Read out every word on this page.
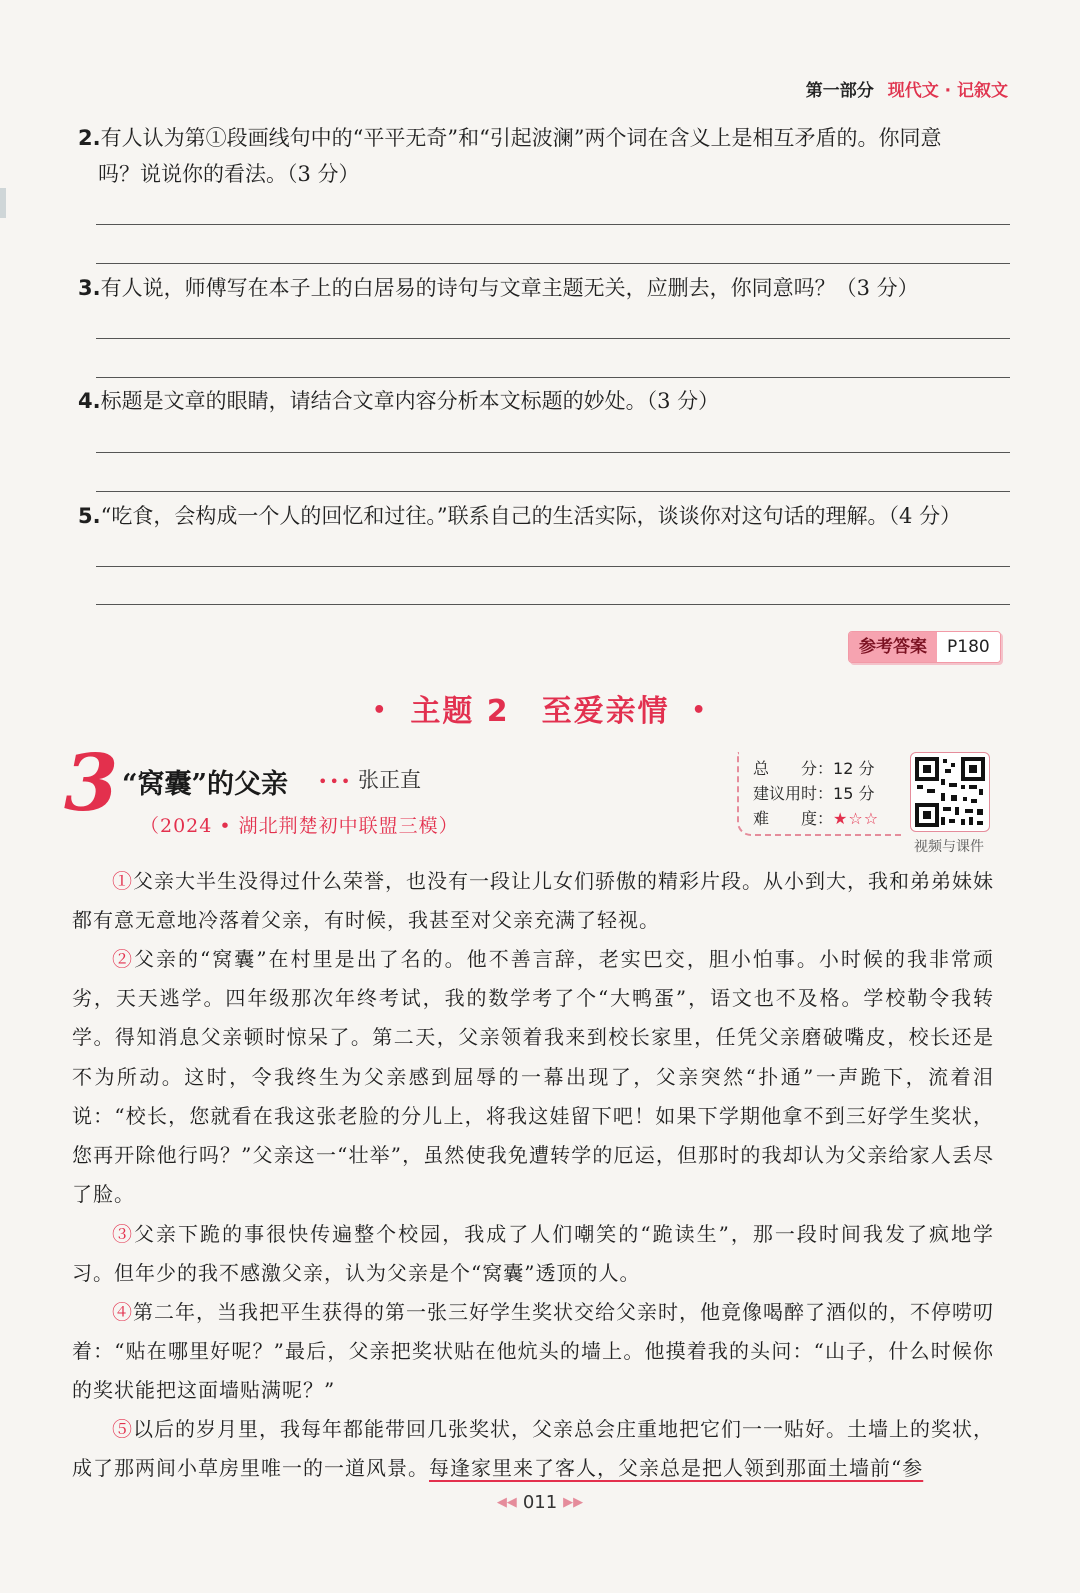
第一部分 现代文 · 记叙文
2.有人认为第①段画线句中的“平平无奇”和“引起波澜”两个词在含义上是相互矛盾的。你同意
吗？说说你的看法。（3 分）
3.有人说，师傅写在本子上的白居易的诗句与文章主题无关，应删去，你同意吗？（3 分）
4.标题是文章的眼睛，请结合文章内容分析本文标题的妙处。（3 分）
5.“吃食，会构成一个人的回忆和过往。”联系自己的生活实际，谈谈你对这句话的理解。（4 分）
参考答案	P180
• 主题 2　至爱亲情 •
3 “窝囊”的父亲 ••• 张正直
（2024 • 湖北荆楚初中联盟三模）
总　　分：12 分
建议用时：15 分
难　　度：★☆☆
视频与课件

①父亲大半生没得过什么荣誉，也没有一段让儿女们骄傲的精彩片段。从小到大，我和弟弟妹妹都有意无意地冷落着父亲，有时候，我甚至对父亲充满了轻视。

②父亲的“窝囊”在村里是出了名的。他不善言辞，老实巴交，胆小怕事。小时候的我非常顽劣，天天逃学。四年级那次年终考试，我的数学考了个“大鸭蛋”，语文也不及格。学校勒令我转学。得知消息父亲顿时惊呆了。第二天，父亲领着我来到校长家里，任凭父亲磨破嘴皮，校长还是不为所动。这时，令我终生为父亲感到屈辱的一幕出现了，父亲突然“扑通”一声跪下，流着泪说：“校长，您就看在我这张老脸的分儿上，将我这娃留下吧！如果下学期他拿不到三好学生奖状，您再开除他行吗？”父亲这一“壮举”，虽然使我免遭转学的厄运，但那时的我却认为父亲给家人丢尽了脸。

③父亲下跪的事很快传遍整个校园，我成了人们嘲笑的“跪读生”，那一段时间我发了疯地学习。但年少的我不感激父亲，认为父亲是个“窝囊”透顶的人。

④第二年，当我把平生获得的第一张三好学生奖状交给父亲时，他竟像喝醉了酒似的，不停唠叨着：“贴在哪里好呢？”最后，父亲把奖状贴在他炕头的墙上。他摸着我的头问：“山子，什么时候你的奖状能把这面墙贴满呢？”

⑤以后的岁月里，我每年都能带回几张奖状，父亲总会庄重地把它们一一贴好。土墙上的奖状，成了那两间小草房里唯一的一道风景。每逢家里来了客人，父亲总是把人领到那面土墙前“参

◀◀ 011 ▶▶
